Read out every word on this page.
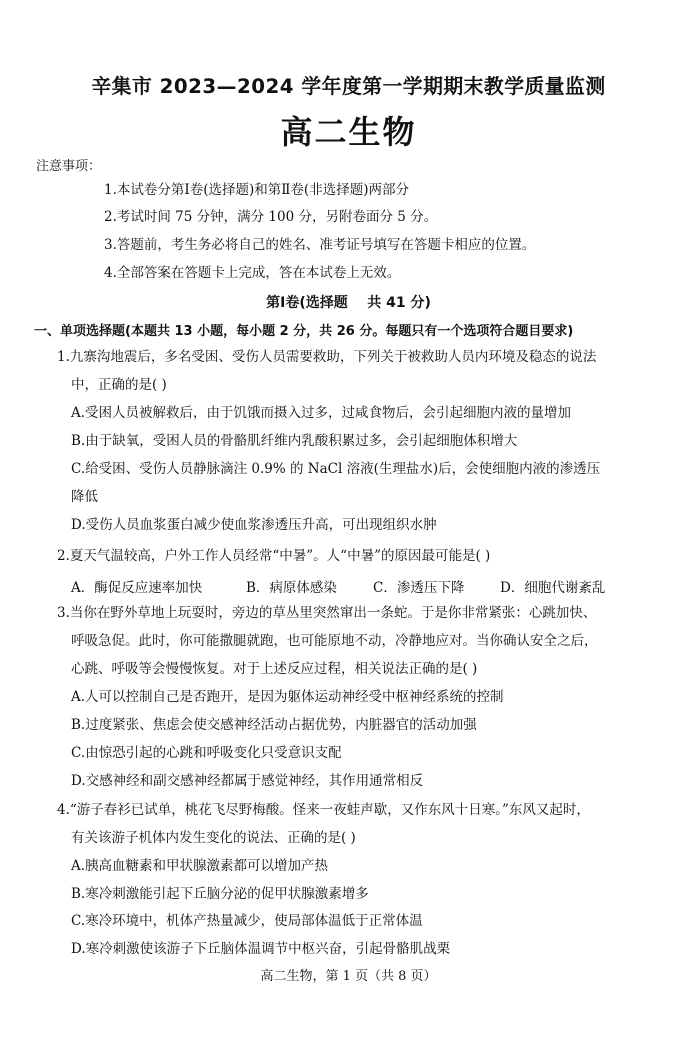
辛集市 2023—2024 学年度第一学期期末教学质量监测
高二生物
注意事项：
1.本试卷分第Ⅰ卷(选择题)和第Ⅱ卷(非选择题)两部分
2.考试时间 75 分钟，满分 100 分，另附卷面分 5 分。
3.答题前，考生务必将自己的姓名、准考证号填写在答题卡相应的位置。
4.全部答案在答题卡上完成，答在本试卷上无效。
第Ⅰ卷(选择题    共 41 分)
一、单项选择题(本题共 13 小题，每小题 2 分，共 26 分。每题只有一个选项符合题目要求)
1.九寨沟地震后，多名受困、受伤人员需要救助，下列关于被救助人员内环境及稳态的说法
中，正确的是( )
A.受困人员被解救后，由于饥饿而摄入过多，过咸食物后，会引起细胞内液的量增加
B.由于缺氧，受困人员的骨骼肌纤维内乳酸积累过多，会引起细胞体积增大
C.给受困、受伤人员静脉滴注 0.9% 的 NaCl 溶液(生理盐水)后，会使细胞内液的渗透压
降低
D.受伤人员血浆蛋白减少使血浆渗透压升高，可出现组织水肿
2.夏天气温较高，户外工作人员经常“中暑”。人“中暑”的原因最可能是( )
A．酶促反应速率加快	B．病原体感染	C．渗透压下降	D．细胞代谢紊乱
3.当你在野外草地上玩耍时，旁边的草丛里突然窜出一条蛇。于是你非常紧张：心跳加快、
呼吸急促。此时，你可能撒腿就跑，也可能原地不动，冷静地应对。当你确认安全之后，
心跳、呼吸等会慢慢恢复。对于上述反应过程，相关说法正确的是( )
A.人可以控制自己是否跑开，是因为躯体运动神经受中枢神经系统的控制
B.过度紧张、焦虑会使交感神经活动占据优势，内脏器官的活动加强
C.由惊恐引起的心跳和呼吸变化只受意识支配
D.交感神经和副交感神经都属于感觉神经，其作用通常相反
4.“游子春衫已试单，桃花飞尽野梅酸。怪来一夜蛙声歇，又作东风十日寒。”东风又起时，
有关该游子机体内发生变化的说法、正确的是( )
A.胰高血糖素和甲状腺激素都可以增加产热
B.寒冷刺激能引起下丘脑分泌的促甲状腺激素增多
C.寒冷环境中，机体产热量减少，使局部体温低于正常体温
D.寒冷刺激使该游子下丘脑体温调节中枢兴奋，引起骨骼肌战栗
高二生物，第 1 页（共 8 页）
